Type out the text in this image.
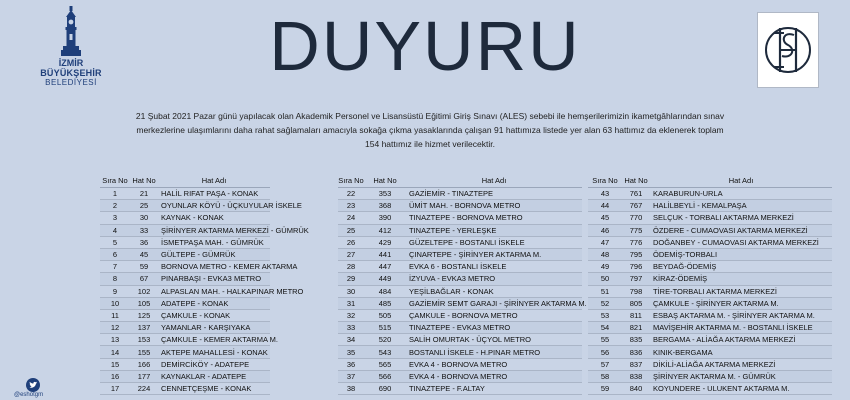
İZMİR
BÜYÜKŞEHİR
BELEDİYESİ	DUYURU
21 Şubat 2021 Pazar günü yapılacak olan Akademik Personel ve Lisansüstü Eğitimi Giriş Sınavı (ALES) sebebi ile hemşerilerimizin ikametgâhlarından sınav merkezlerine ulaşımlarını daha rahat sağlamaları amacıyla sokağa çıkma yasaklarında çalışan 91 hattımıza listede yer alan 63 hattımız da eklenerek toplam 154 hattımız ile hizmet verilecektir.
Sıra No	Hat No	Hat Adı
1	21	HALİL RIFAT PAŞA - KONAK
2	25	OYUNLAR KÖYÜ - ÜÇKUYULAR İSKELE
3	30	KAYNAK - KONAK
4	33	ŞİRİNYER AKTARMA MERKEZİ - GÜMRÜK
5	36	İSMETPAŞA MAH. - GÜMRÜK
6	45	GÜLTEPE - GÜMRÜK
7	59	BORNOVA METRO - KEMER AKTARMA
8	67	PINARBAŞI - EVKA3 METRO
9	102	ALPASLAN MAH. - HALKAPINAR METRO
10	105	ADATEPE - KONAK
11	125	ÇAMKULE - KONAK
12	137	YAMANLAR - KARŞIYAKA
13	153	ÇAMKULE - KEMER AKTARMA M.
14	155	AKTEPE MAHALLESİ - KONAK
15	166	DEMİRCİKÖY - ADATEPE
16	177	KAYNAKLAR - ADATEPE
17	224	CENNETÇEŞME - KONAK
Sıra No	Hat No	Hat Adı
22	353	GAZİEMİR - TINAZTEPE
23	368	ÜMİT MAH. - BORNOVA METRO
24	390	TINAZTEPE - BORNOVA METRO
25	412	TINAZTEPE - YERLEŞKE
26	429	GÜZELTEPE - BOSTANLI İSKELE
27	441	ÇINARTEPE - ŞİRİNYER AKTARMA M.
28	447	EVKA 6 - BOSTANLI İSKELE
29	449	İZYUVA - EVKA3 METRO
30	484	YEŞİLBAĞLAR - KONAK
31	485	GAZİEMİR SEMT GARAJI - ŞİRİNYER AKTARMA M.
32	505	ÇAMKULE - BORNOVA METRO
33	515	TINAZTEPE - EVKA3 METRO
34	520	SALİH OMURTAK - ÜÇYOL METRO
35	543	BOSTANLI İSKELE - H.PINAR METRO
36	565	EVKA 4 - BORNOVA METRO
37	566	EVKA 4 - BORNOVA METRO
38	690	TINAZTEPE - F.ALTAY
Sıra No	Hat No	Hat Adı
43	761	KARABURUN-URLA
44	767	HALİLBEYLİ - KEMALPAŞA
45	770	SELÇUK - TORBALI AKTARMA MERKEZİ
46	775	ÖZDERE - CUMAOVASI AKTARMA MERKEZİ
47	776	DOĞANBEY - CUMAOVASI AKTARMA MERKEZİ
48	795	ÖDEMİŞ-TORBALI
49	796	BEYDAĞ-ÖDEMİŞ
50	797	KİRAZ-ÖDEMİŞ
51	798	TİRE-TORBALI AKTARMA MERKEZİ
52	805	ÇAMKULE - ŞİRİNYER AKTARMA M.
53	811	ESBAŞ AKTARMA M. - ŞİRİNYER AKTARMA M.
54	821	MAVİŞEHİR AKTARMA M. - BOSTANLI İSKELE
55	835	BERGAMA - ALİAĞA AKTARMA MERKEZİ
56	836	KINIK-BERGAMA
57	837	DİKİLİ-ALİAĞA AKTARMA MERKEZİ
58	838	ŞİRİNYER AKTARMA M. - GÜMRÜK
59	840	KOYUNDERE - ULUKENT AKTARMA M.
@eshotgm
